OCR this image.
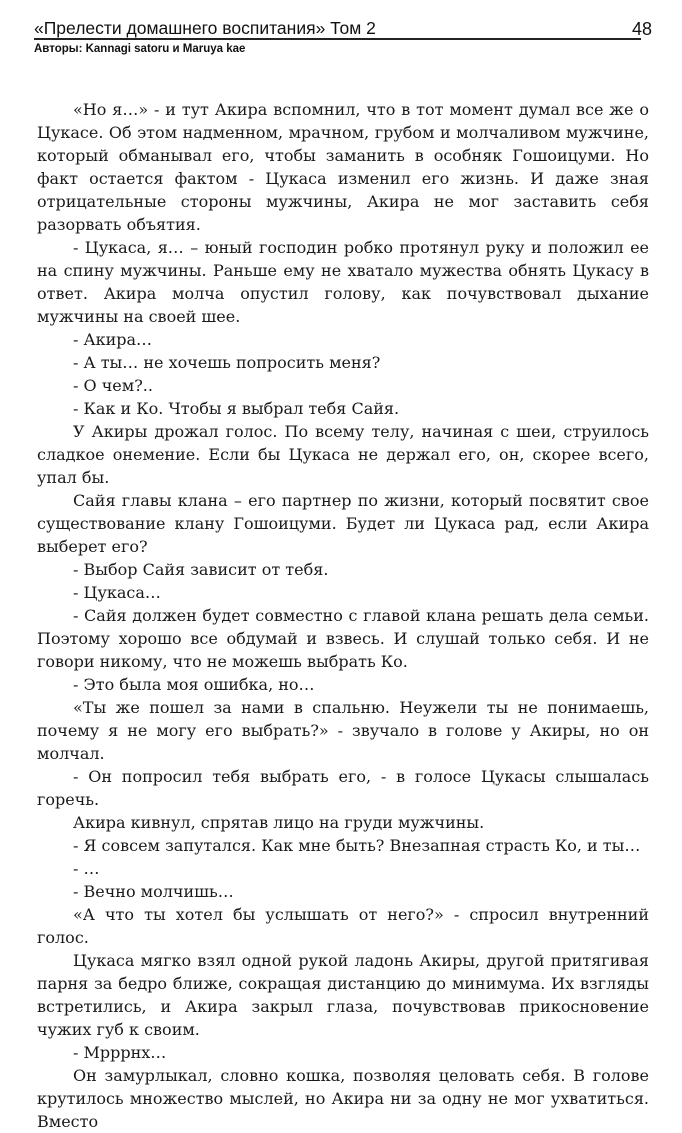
«Прелести домашнего воспитания» Том 2	48
Авторы: Kannagi satoru и Maruya kae

«Но я…» - и тут Акира вспомнил, что в тот момент думал все же о Цукасе. Об этом надменном, мрачном, грубом и молчаливом мужчине, который обманывал его, чтобы заманить в особняк Гошоицуми. Но факт остается фактом - Цукаса изменил его жизнь. И даже зная отрицательные стороны мужчины, Акира не мог заставить себя разорвать объятия.

- Цукаса, я… – юный господин робко протянул руку и положил ее на спину мужчины. Раньше ему не хватало мужества обнять Цукасу в ответ. Акира молча опустил голову, как почувствовал дыхание мужчины на своей шее.

- Акира…

- А ты… не хочешь попросить меня?

- О чем?..

- Как и Ко. Чтобы я выбрал тебя Сайя.

У Акиры дрожал голос. По всему телу, начиная с шеи, струилось сладкое онемение. Если бы Цукаса не держал его, он, скорее всего, упал бы.

Сайя главы клана – его партнер по жизни, который посвятит свое существование клану Гошоицуми. Будет ли Цукаса рад, если Акира выберет его?

- Выбор Сайя зависит от тебя.

- Цукаса…

- Сайя должен будет совместно с главой клана решать дела семьи. Поэтому хорошо все обдумай и взвесь. И слушай только себя. И не говори никому, что не можешь выбрать Ко.

- Это была моя ошибка, но…

«Ты же пошел за нами в спальню. Неужели ты не понимаешь, почему я не могу его выбрать?» - звучало в голове у Акиры, но он молчал.

- Он попросил тебя выбрать его, - в голосе Цукасы слышалась горечь.

Акира кивнул, спрятав лицо на груди мужчины.

- Я совсем запутался. Как мне быть? Внезапная страсть Ко, и ты…

- …

- Вечно молчишь…

«А что ты хотел бы услышать от него?» - спросил внутренний голос.

Цукаса мягко взял одной рукой ладонь Акиры, другой притягивая парня за бедро ближе, сокращая дистанцию до минимума. Их взгляды встретились, и Акира закрыл глаза, почувствовав прикосновение чужих губ к своим.

- Мрррнх…

Он замурлыкал, словно кошка, позволяя целовать себя. В голове крутилось множество мыслей, но Акира ни за одну не мог ухватиться. Вместо
